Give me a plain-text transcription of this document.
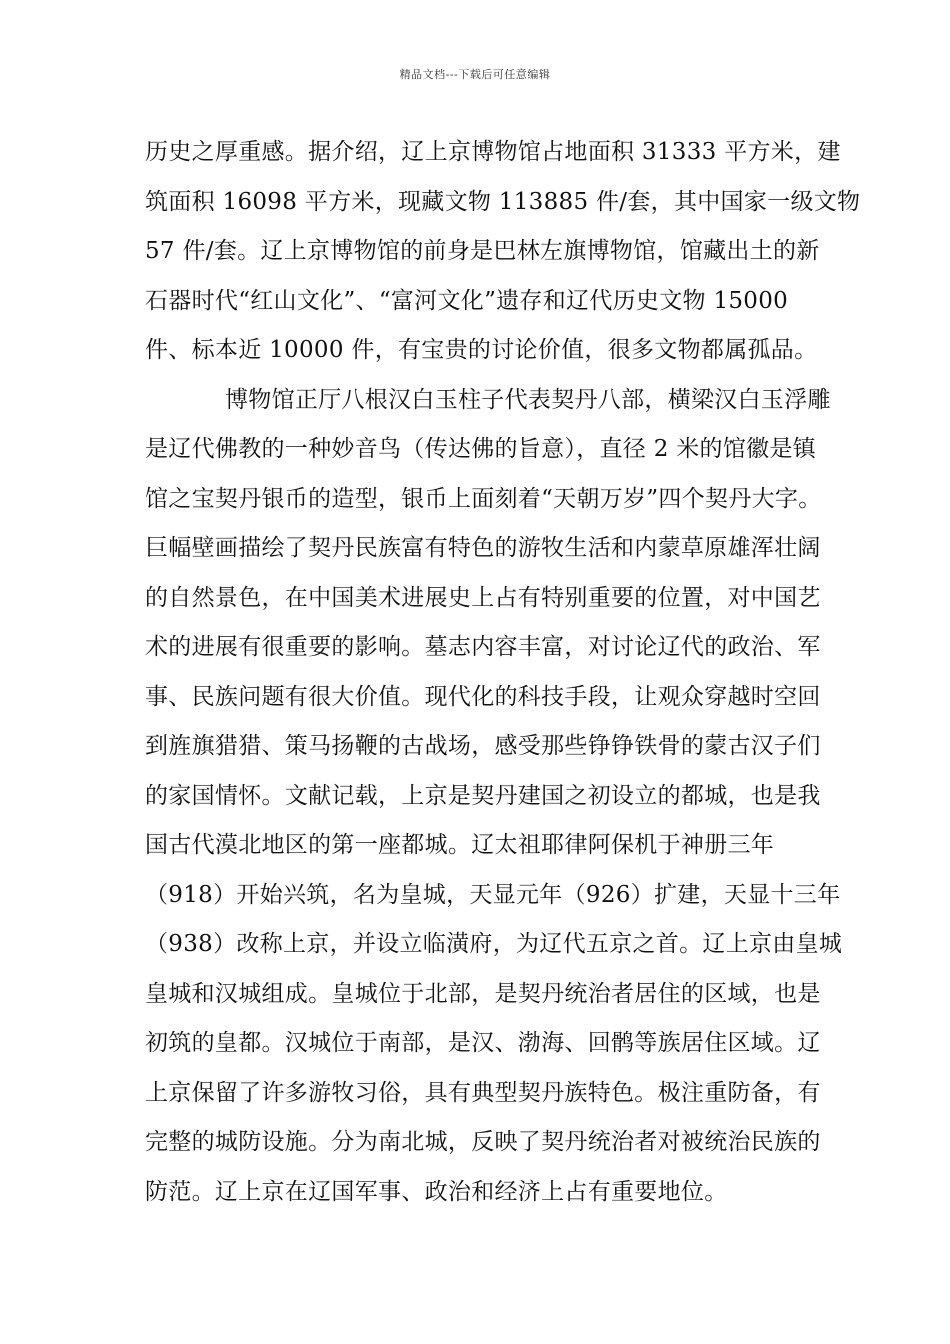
精品文档---下载后可任意编辑
历史之厚重感。据介绍，辽上京博物馆占地面积 31333 平方米，建
筑面积 16098 平方米，现藏文物 113885 件/套，其中国家一级文物
57 件/套。辽上京博物馆的前身是巴林左旗博物馆，馆藏出土的新
石器时代“红山文化”、“富河文化”遗存和辽代历史文物 15000
件、标本近 10000 件，有宝贵的讨论价值，很多文物都属孤品。
博物馆正厅八根汉白玉柱子代表契丹八部，横梁汉白玉浮雕
是辽代佛教的一种妙音鸟（传达佛的旨意），直径 2 米的馆徽是镇
馆之宝契丹银币的造型，银币上面刻着“天朝万岁”四个契丹大字。
巨幅壁画描绘了契丹民族富有特色的游牧生活和内蒙草原雄浑壮阔
的自然景色，在中国美术进展史上占有特别重要的位置，对中国艺
术的进展有很重要的影响。墓志内容丰富，对讨论辽代的政治、军
事、民族问题有很大价值。现代化的科技手段，让观众穿越时空回
到旌旗猎猎、策马扬鞭的古战场，感受那些铮铮铁骨的蒙古汉子们
的家国情怀。文献记载，上京是契丹建国之初设立的都城，也是我
国古代漠北地区的第一座都城。辽太祖耶律阿保机于神册三年
（918）开始兴筑，名为皇城，天显元年（926）扩建，天显十三年
（938）改称上京，并设立临潢府，为辽代五京之首。辽上京由皇城
皇城和汉城组成。皇城位于北部，是契丹统治者居住的区域，也是
初筑的皇都。汉城位于南部，是汉、渤海、回鹘等族居住区域。辽
上京保留了许多游牧习俗，具有典型契丹族特色。极注重防备，有
完整的城防设施。分为南北城，反映了契丹统治者对被统治民族的
防范。辽上京在辽国军事、政治和经济上占有重要地位。
